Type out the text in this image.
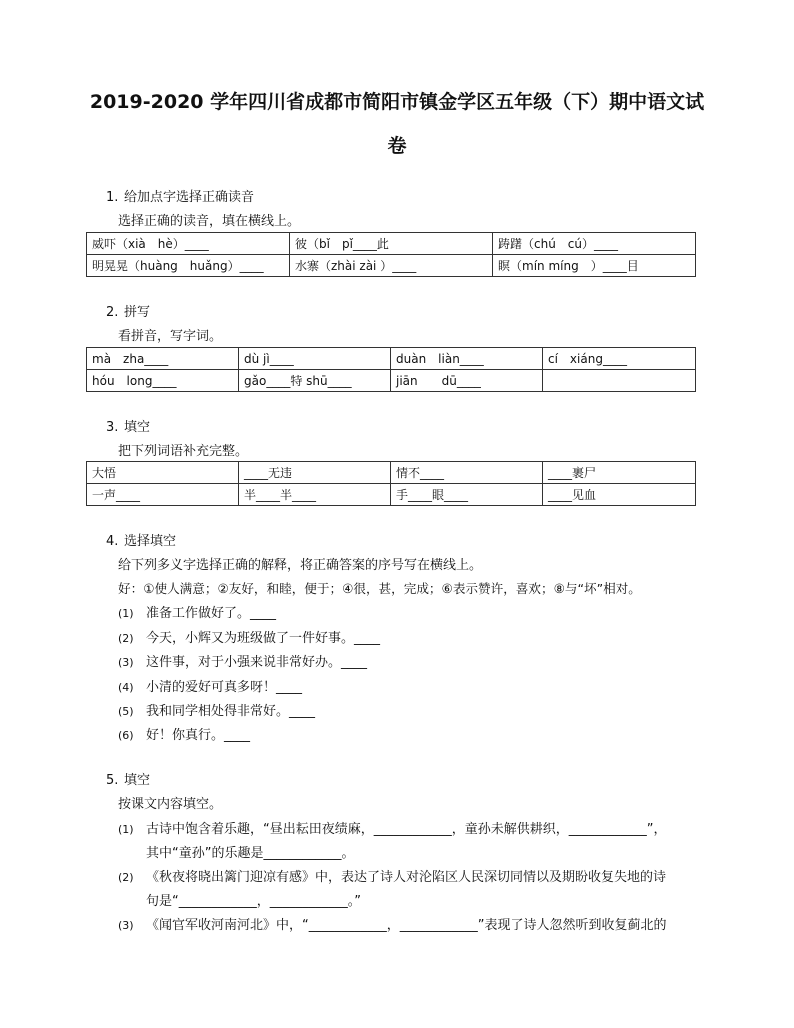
2019-2020 学年四川省成都市简阳市镇金学区五年级（下）期中语文试
卷
1. 给加点字选择正确读音
选择正确的读音，填在横线上。
威吓（xià　hè）____	彼（bǐ　pǐ____此	踌躇（chú　cú）____
明晃晃（huàng　huǎng）____	水寨（zhài zài ）____	瞑（mín míng　）____目
2. 拼写
看拼音，写字词。
mà　zha____	dù jì____	duàn　liàn____	cí　xiáng____
hóu　long____	gǎo____特 shū____	jiān　　dū____	
3. 填空
把下列词语补充完整。
大悟	____无违	情不____	____裹尸
一声____	半____半____	手____眼____	____见血
4. 选择填空
给下列多义字选择正确的解释，将正确答案的序号写在横线上。
好：①使人满意；②友好，和睦，便于；④很，甚，完成；⑥表示赞许，喜欢；⑧与“坏”相对。
(1) 准备工作做好了。____
(2) 今天，小辉又为班级做了一件好事。____
(3) 这件事，对于小强来说非常好办。____
(4) 小清的爱好可真多呀！____
(5) 我和同学相处得非常好。____
(6) 好！你真行。____
5. 填空
按课文内容填空。
(1) 古诗中饱含着乐趣，“昼出耘田夜绩麻，____________，童孙未解供耕织，____________”，
其中“童孙”的乐趣是____________。
(2) 《秋夜将晓出篱门迎凉有感》中，表达了诗人对沦陷区人民深切同情以及期盼收复失地的诗
句是“____________，____________。”
(3) 《闻官军收河南河北》中，“____________，____________”表现了诗人忽然听到收复蓟北的
